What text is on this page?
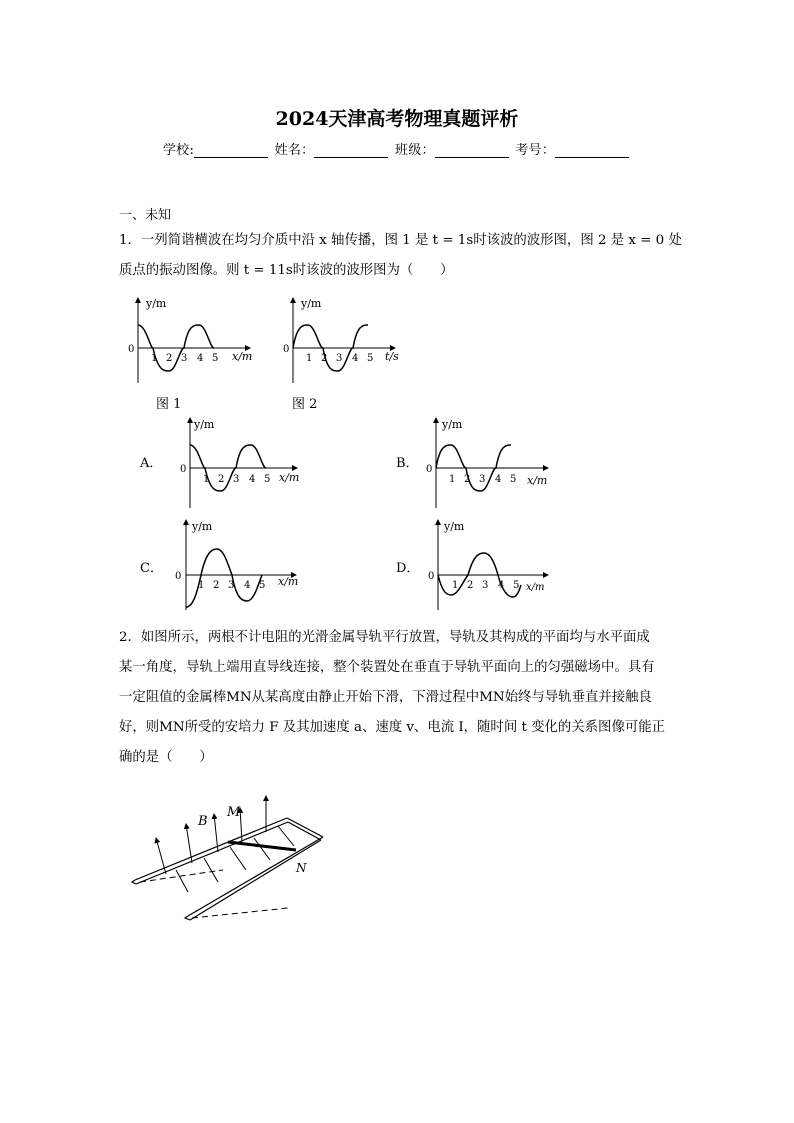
2024天津高考物理真题评析
学校:	姓名：	班级：	考号：
一、未知
1．一列简谐横波在均匀介质中沿 x 轴传播，图 1 是 t = 1s时该波的波形图，图 2 是 x = 0 处
质点的振动图像。则 t = 11s时该波的波形图为（　　）
y/m
0
1 2 3 4 5 x/m
图 1
y/m
0
1 2 3 4 5 t/s
图 2
A．
y/m
0
1 2 3 4 5 x/m
B．
y/m
0
1 2 3 4 5 x/m
C．
y/m
0
1 2 3 4 5 x/m
D．
y/m
0
1 2 3 4 5 x/m
2．如图所示，两根不计电阻的光滑金属导轨平行放置，导轨及其构成的平面均与水平面成
某一角度，导轨上端用直导线连接，整个装置处在垂直于导轨平面向上的匀强磁场中。具有
一定阻值的金属棒MN从某高度由静止开始下滑，下滑过程中MN始终与导轨垂直并接触良
好，则MN所受的安培力 F 及其加速度 a、速度 v、电流 I，随时间 t 变化的关系图像可能正
确的是（　　）
B
M
N
